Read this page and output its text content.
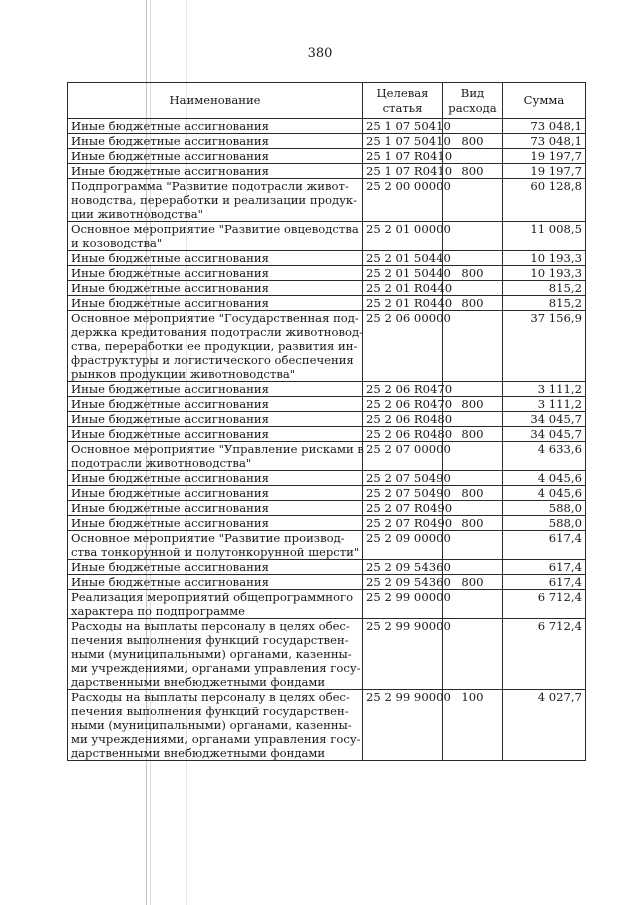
380
Наименование	Целевая статья	Вид расхода	Сумма

Иные бюджетные ассигнования	25 1 07 50410		73 048,1

Иные бюджетные ассигнования	25 1 07 50410	800	73 048,1

Иные бюджетные ассигнования	25 1 07 R0410		19 197,7

Иные бюджетные ассигнования	25 1 07 R0410	800	19 197,7

Подпрограмма "Развитие подотрасли живот-
новодства, переработки и реализации продук-
ции животноводства"	25 2 00 00000		60 128,8

Основное мероприятие "Развитие овцеводства
и козоводства"	25 2 01 00000		11 008,5

Иные бюджетные ассигнования	25 2 01 50440		10 193,3

Иные бюджетные ассигнования	25 2 01 50440	800	10 193,3

Иные бюджетные ассигнования	25 2 01 R0440		815,2

Иные бюджетные ассигнования	25 2 01 R0440	800	815,2

Основное мероприятие "Государственная под-
держка кредитования подотрасли животновод-
ства, переработки ее продукции, развития ин-
фраструктуры и логистического обеспечения
рынков продукции животноводства"	25 2 06 00000		37 156,9

Иные бюджетные ассигнования	25 2 06 R0470		3 111,2

Иные бюджетные ассигнования	25 2 06 R0470	800	3 111,2

Иные бюджетные ассигнования	25 2 06 R0480		34 045,7

Иные бюджетные ассигнования	25 2 06 R0480	800	34 045,7

Основное мероприятие "Управление рисками в
подотрасли животноводства"	25 2 07 00000		4 633,6

Иные бюджетные ассигнования	25 2 07 50490		4 045,6

Иные бюджетные ассигнования	25 2 07 50490	800	4 045,6

Иные бюджетные ассигнования	25 2 07 R0490		588,0

Иные бюджетные ассигнования	25 2 07 R0490	800	588,0

Основное мероприятие "Развитие производ-
ства тонкорунной и полутонкорунной шерсти"	25 2 09 00000		617,4

Иные бюджетные ассигнования	25 2 09 54360		617,4

Иные бюджетные ассигнования	25 2 09 54360	800	617,4

Реализация мероприятий общепрограммного
характера по подпрограмме	25 2 99 00000		6 712,4

Расходы на выплаты персоналу в целях обес-
печения выполнения функций государствен-
ными (муниципальными) органами, казенны-
ми учреждениями, органами управления госу-
дарственными внебюджетными фондами	25 2 99 90000		6 712,4

Расходы на выплаты персоналу в целях обес-
печения выполнения функций государствен-
ными (муниципальными) органами, казенны-
ми учреждениями, органами управления госу-
дарственными внебюджетными фондами	25 2 99 90000	100	4 027,7
